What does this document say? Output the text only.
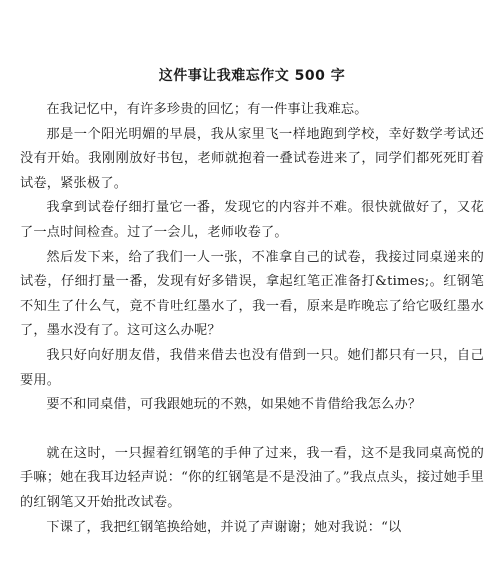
这件事让我难忘作文 500 字

在我记忆中，有许多珍贵的回忆；有一件事让我难忘。

那是一个阳光明媚的早晨，我从家里飞一样地跑到学校，幸好数学考试还没有开始。我刚刚放好书包，老师就抱着一叠试卷进来了，同学们都死死盯着试卷，紧张极了。

我拿到试卷仔细打量它一番，发现它的内容并不难。很快就做好了，又花了一点时间检查。过了一会儿，老师收卷了。

然后发下来，给了我们一人一张，不准拿自己的试卷，我接过同桌递来的试卷，仔细打量一番，发现有好多错误，拿起红笔正准备打&times;。红钢笔不知生了什么气，竟不肯吐红墨水了，我一看，原来是昨晚忘了给它吸红墨水了，墨水没有了。这可这么办呢？

我只好向好朋友借，我借来借去也没有借到一只。她们都只有一只，自己要用。

要不和同桌借，可我跟她玩的不熟，如果她不肯借给我怎么办？

就在这时，一只握着红钢笔的手伸了过来，我一看，这不是我同桌高悦的手嘛；她在我耳边轻声说：“你的红钢笔是不是没油了。”我点点头，接过她手里的红钢笔又开始批改试卷。

下课了，我把红钢笔换给她，并说了声谢谢；她对我说：“以
